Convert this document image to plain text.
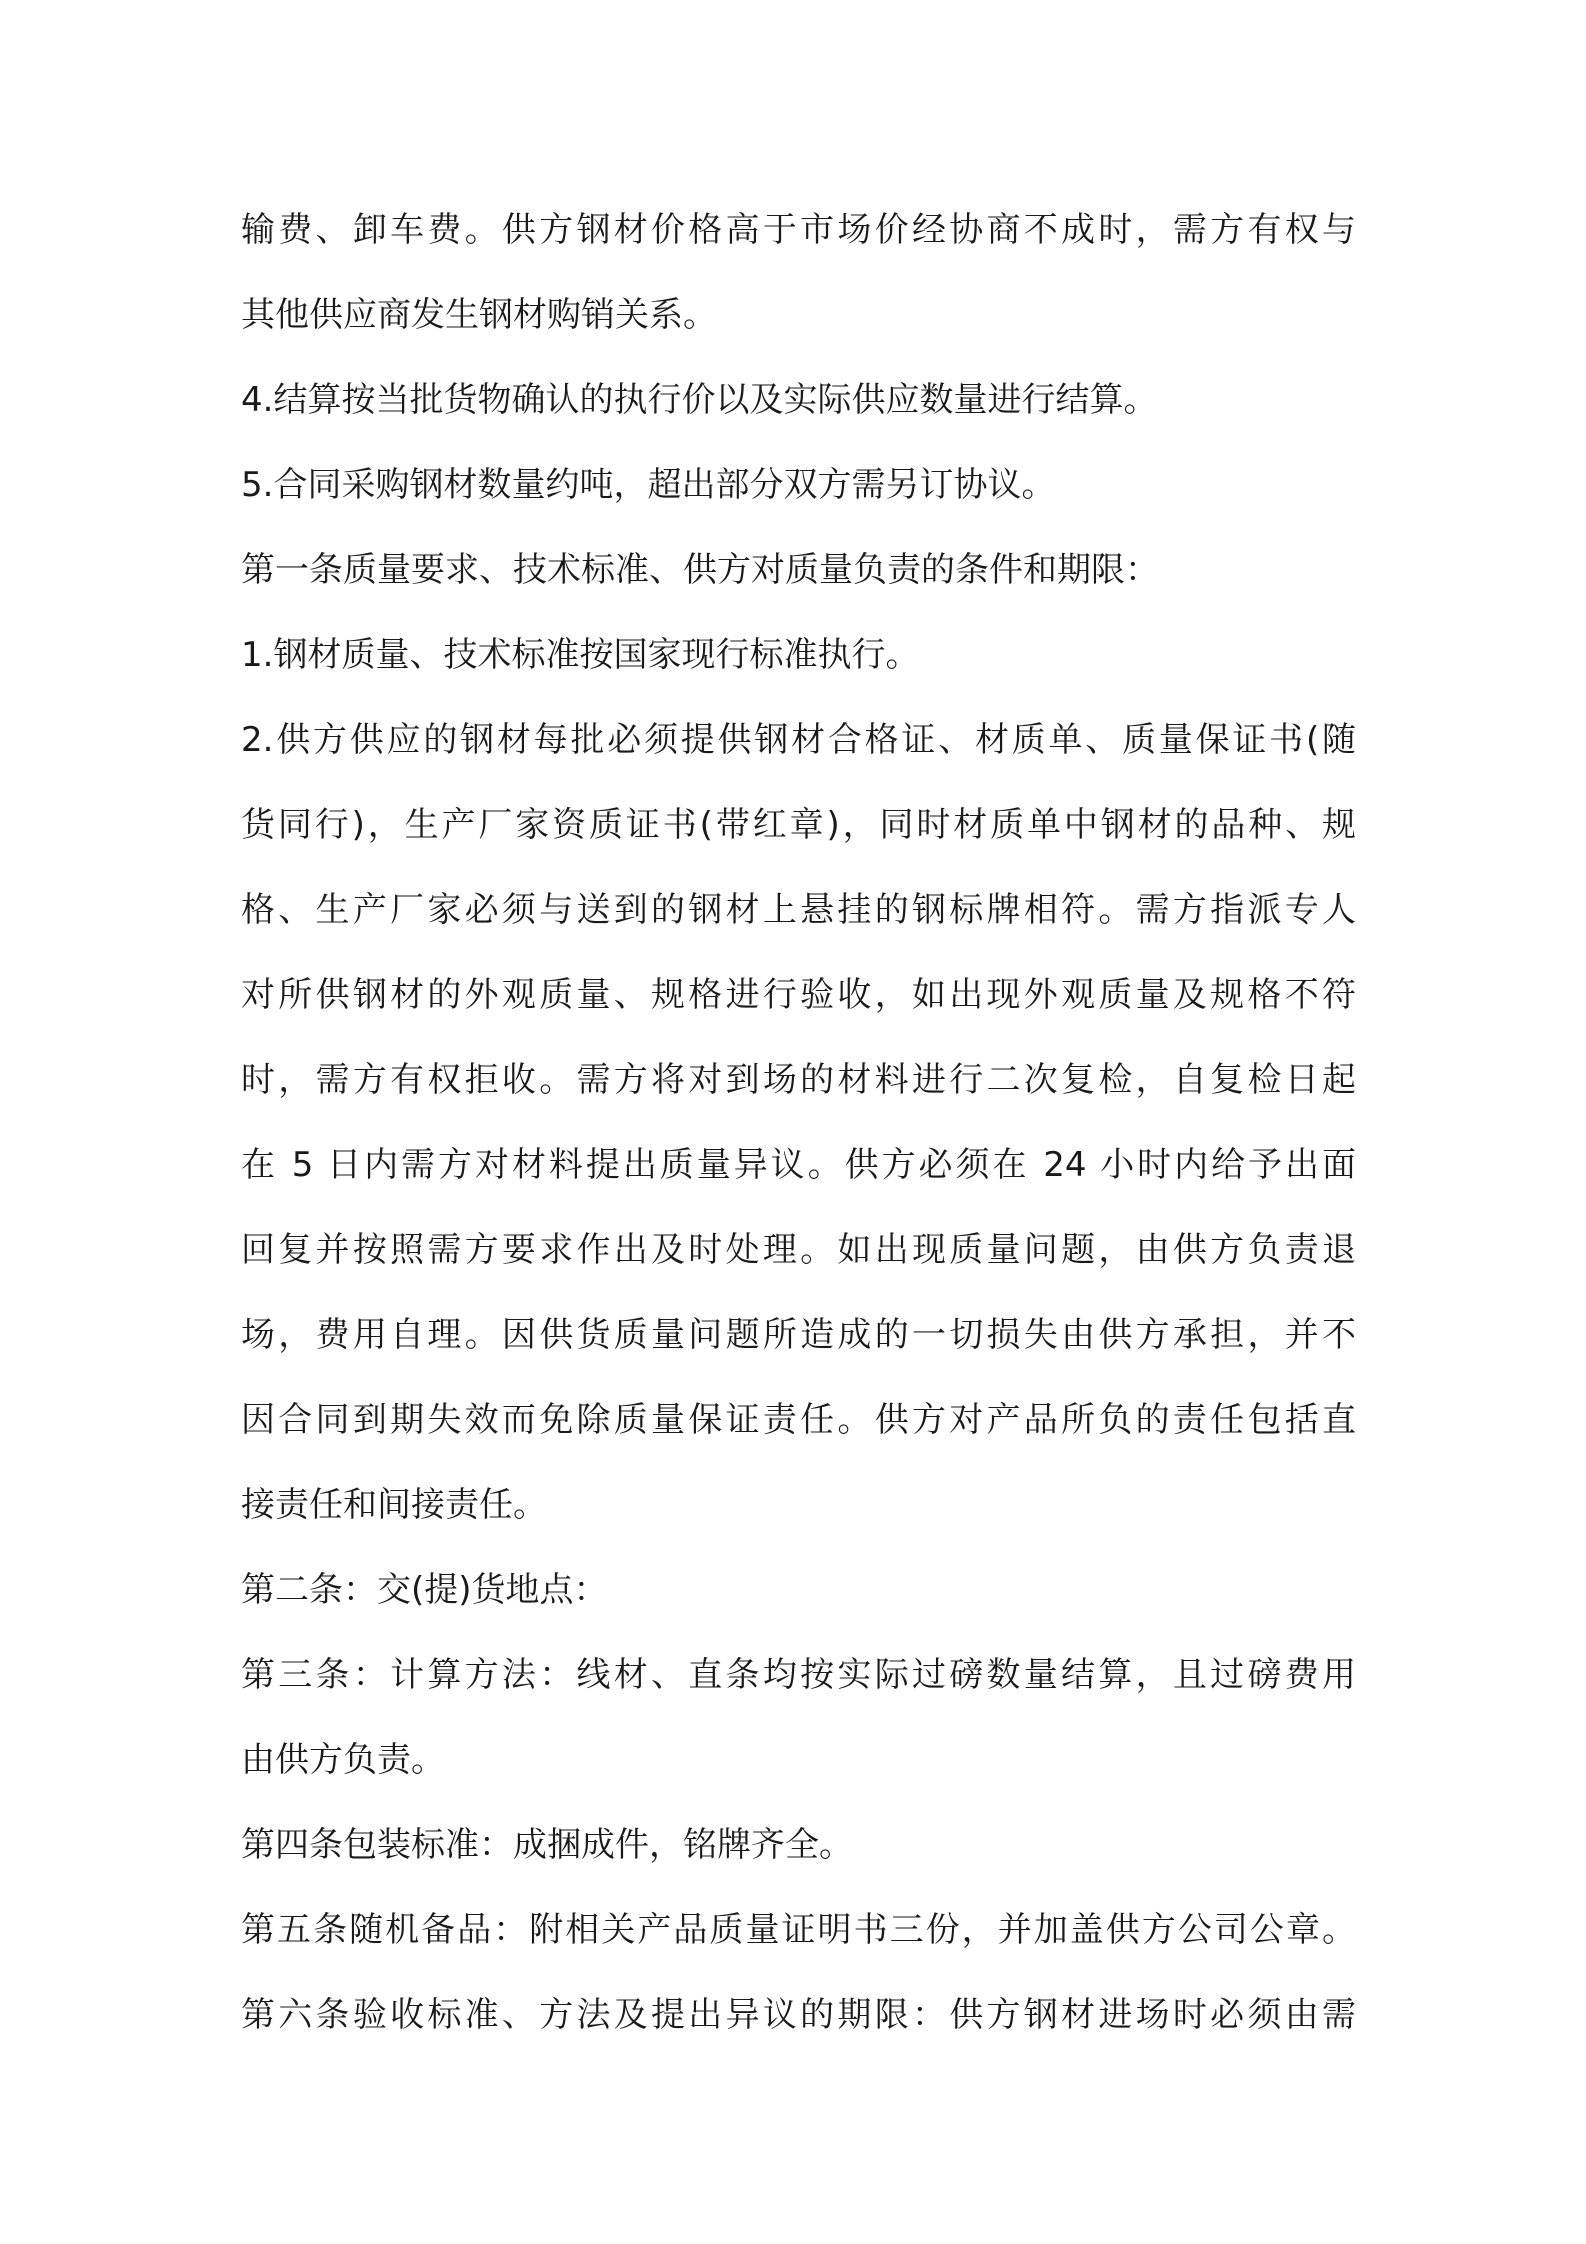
输费、卸车费。供方钢材价格高于市场价经协商不成时，需方有权与
其他供应商发生钢材购销关系。
4.结算按当批货物确认的执行价以及实际供应数量进行结算。
5.合同采购钢材数量约吨，超出部分双方需另订协议。
第一条质量要求、技术标准、供方对质量负责的条件和期限：
1.钢材质量、技术标准按国家现行标准执行。
2.供方供应的钢材每批必须提供钢材合格证、材质单、质量保证书(随
货同行)，生产厂家资质证书(带红章)，同时材质单中钢材的品种、规
格、生产厂家必须与送到的钢材上悬挂的钢标牌相符。需方指派专人
对所供钢材的外观质量、规格进行验收，如出现外观质量及规格不符
时，需方有权拒收。需方将对到场的材料进行二次复检，自复检日起
在 5 日内需方对材料提出质量异议。供方必须在 24 小时内给予出面
回复并按照需方要求作出及时处理。如出现质量问题，由供方负责退
场，费用自理。因供货质量问题所造成的一切损失由供方承担，并不
因合同到期失效而免除质量保证责任。供方对产品所负的责任包括直
接责任和间接责任。
第二条：交(提)货地点：
第三条：计算方法：线材、直条均按实际过磅数量结算，且过磅费用
由供方负责。
第四条包装标准：成捆成件，铭牌齐全。
第五条随机备品：附相关产品质量证明书三份，并加盖供方公司公章。
第六条验收标准、方法及提出异议的期限：供方钢材进场时必须由需
